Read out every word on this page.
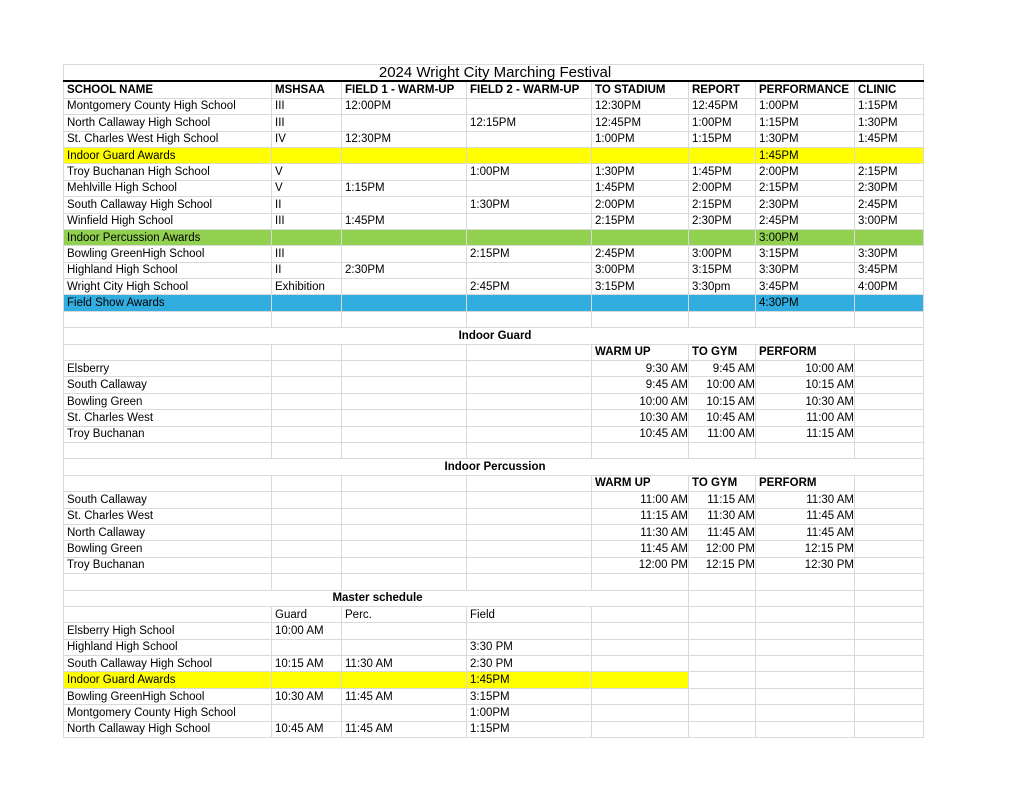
2024 Wright City Marching Festival							
SCHOOL NAME	MSHSAA	FIELD 1 - WARM-UP	FIELD 2 - WARM-UP	TO STADIUM	REPORT	PERFORMANCE	CLINIC
Montgomery County High School	III	12:00PM		12:30PM	12:45PM	1:00PM	1:15PM
North Callaway High School	III		12:15PM	12:45PM	1:00PM	1:15PM	1:30PM
St. Charles West High School	IV	12:30PM		1:00PM	1:15PM	1:30PM	1:45PM
Indoor Guard Awards						1:45PM	
Troy Buchanan High School	V		1:00PM	1:30PM	1:45PM	2:00PM	2:15PM
Mehlville High School	V	1:15PM		1:45PM	2:00PM	2:15PM	2:30PM
South Callaway High School	II		1:30PM	2:00PM	2:15PM	2:30PM	2:45PM
Winfield High School	III	1:45PM		2:15PM	2:30PM	2:45PM	3:00PM
Indoor Percussion Awards						3:00PM	
Bowling GreenHigh School	III		2:15PM	2:45PM	3:00PM	3:15PM	3:30PM
Highland High School	II	2:30PM		3:00PM	3:15PM	3:30PM	3:45PM
Wright City High School	Exhibition		2:45PM	3:15PM	3:30pm	3:45PM	4:00PM
Field Show Awards						4:30PM	

Indoor Guard							
				WARM UP	TO GYM	PERFORM	
Elsberry				9:30 AM	9:45 AM	10:00 AM	
South Callaway				9:45 AM	10:00 AM	10:15 AM	
Bowling Green				10:00 AM	10:15 AM	10:30 AM	
St. Charles West				10:30 AM	10:45 AM	11:00 AM	
Troy Buchanan				10:45 AM	11:00 AM	11:15 AM	

Indoor Percussion							
				WARM UP	TO GYM	PERFORM	
South Callaway				11:00 AM	11:15 AM	11:30 AM	
St. Charles West				11:15 AM	11:30 AM	11:45 AM	
North Callaway				11:30 AM	11:45 AM	11:45 AM	
Bowling Green				11:45 AM	12:00 PM	12:15 PM	
Troy Buchanan				12:00 PM	12:15 PM	12:30 PM	

Master schedule							
	Guard	Perc.	Field				
Elsberry High School	10:00 AM						
Highland High School			3:30 PM				
South Callaway High School	10:15 AM	11:30 AM	2:30 PM				
Indoor Guard Awards			1:45PM				
Bowling GreenHigh School	10:30 AM	11:45 AM	3:15PM				
Montgomery County High School			1:00PM				
North Callaway High School	10:45 AM	11:45 AM	1:15PM				
